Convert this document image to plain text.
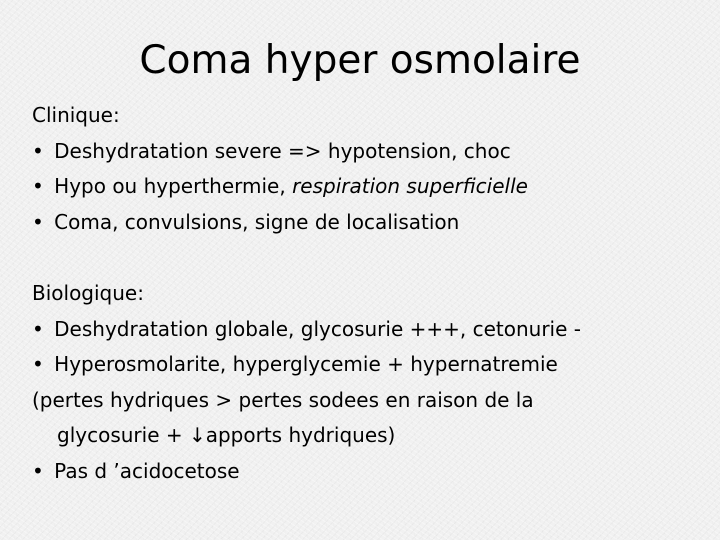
Coma hyper osmolaire

Clinique:

• Deshydratation severe => hypotension, choc

• Hypo ou hyperthermie, respiration superficielle

• Coma, convulsions, signe de localisation

Biologique:

• Deshydratation globale, glycosurie +++, cetonurie -

• Hyperosmolarite, hyperglycemie + hypernatremie

(pertes hydriques > pertes sodees en raison de la

glycosurie + ↓apports hydriques)

• Pas d ’acidocetose
